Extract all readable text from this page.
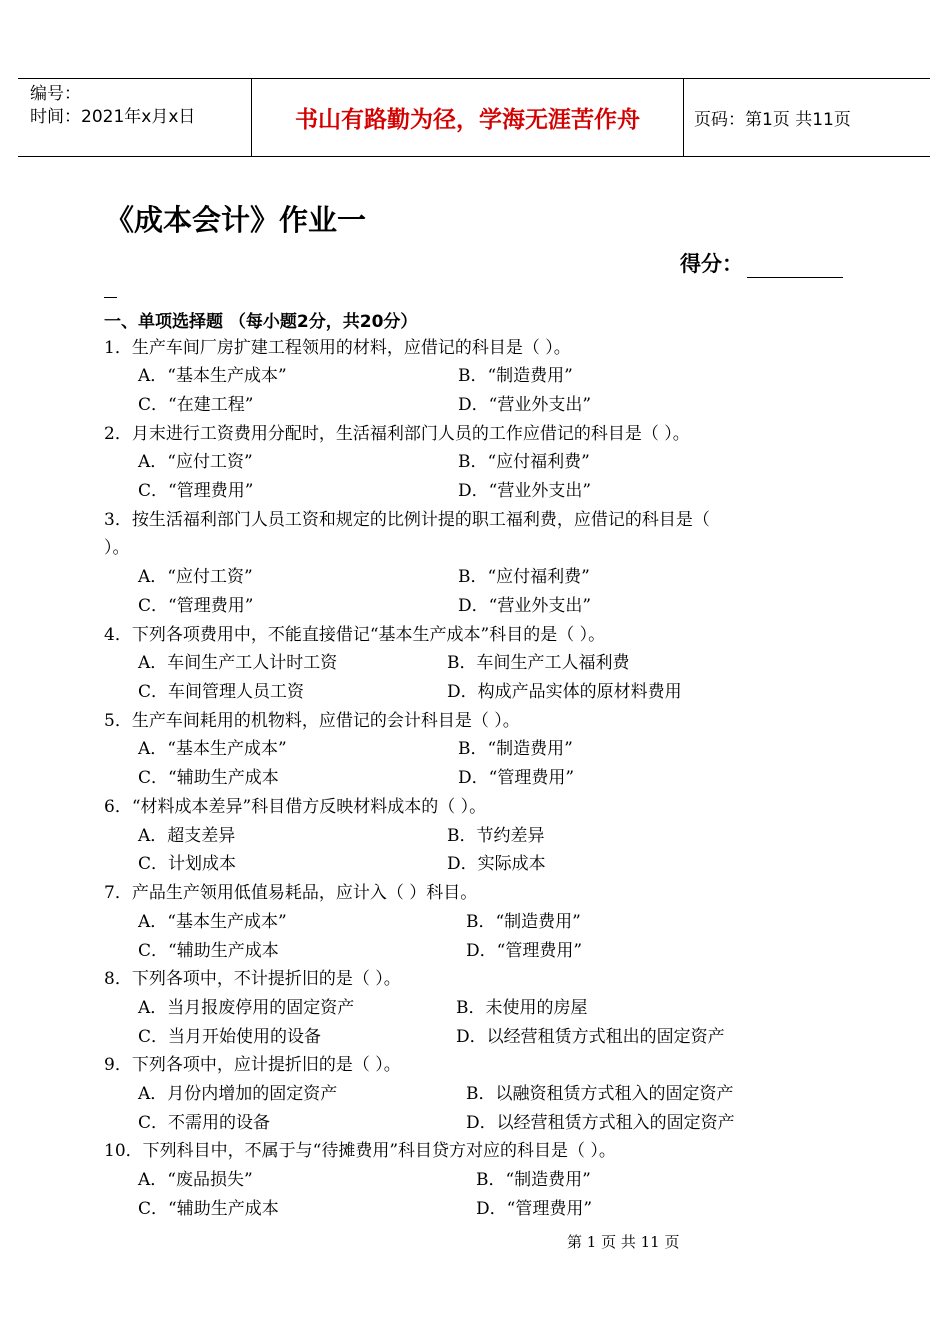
编号：
时间：2021年x月x日	书山有路勤为径，学海无涯苦作舟	页码：第1页 共11页
《成本会计》作业一
得分：
一、单项选择题 （每小题2分，共20分）
1．生产车间厂房扩建工程领用的材料，应借记的科目是（ ）。
A．“基本生产成本”	B．“制造费用”
C．“在建工程”	D．“营业外支出”
2．月末进行工资费用分配时，生活福利部门人员的工作应借记的科目是（ ）。
A．“应付工资”	B．“应付福利费”
C．“管理费用”	D．“营业外支出”
3．按生活福利部门人员工资和规定的比例计提的职工福利费，应借记的科目是（
）。
A．“应付工资”	B．“应付福利费”
C．“管理费用”	D．“营业外支出”
4．下列各项费用中，不能直接借记“基本生产成本”科目的是（ ）。
A．车间生产工人计时工资	B．车间生产工人福利费
C．车间管理人员工资	D．构成产品实体的原材料费用
5．生产车间耗用的机物料，应借记的会计科目是（ ）。
A．“基本生产成本”	B．“制造费用”
C．“辅助生产成本	D．“管理费用”
6．“材料成本差异”科目借方反映材料成本的（ ）。
A．超支差异	B．节约差异
C．计划成本	D．实际成本
7．产品生产领用低值易耗品，应计入（ ）科目。
A．“基本生产成本”	B．“制造费用”
C．“辅助生产成本	D．“管理费用”
8．下列各项中，不计提折旧的是（ ）。
A．当月报废停用的固定资产	B．未使用的房屋
C．当月开始使用的设备	D．以经营租赁方式租出的固定资产
9．下列各项中，应计提折旧的是（ ）。
A．月份内增加的固定资产	B．以融资租赁方式租入的固定资产
C．不需用的设备	D．以经营租赁方式租入的固定资产
10．下列科目中，不属于与“待摊费用”科目贷方对应的科目是（ ）。
A．“废品损失”	B．“制造费用”
C．“辅助生产成本	D．“管理费用”
第 1 页 共 11 页
